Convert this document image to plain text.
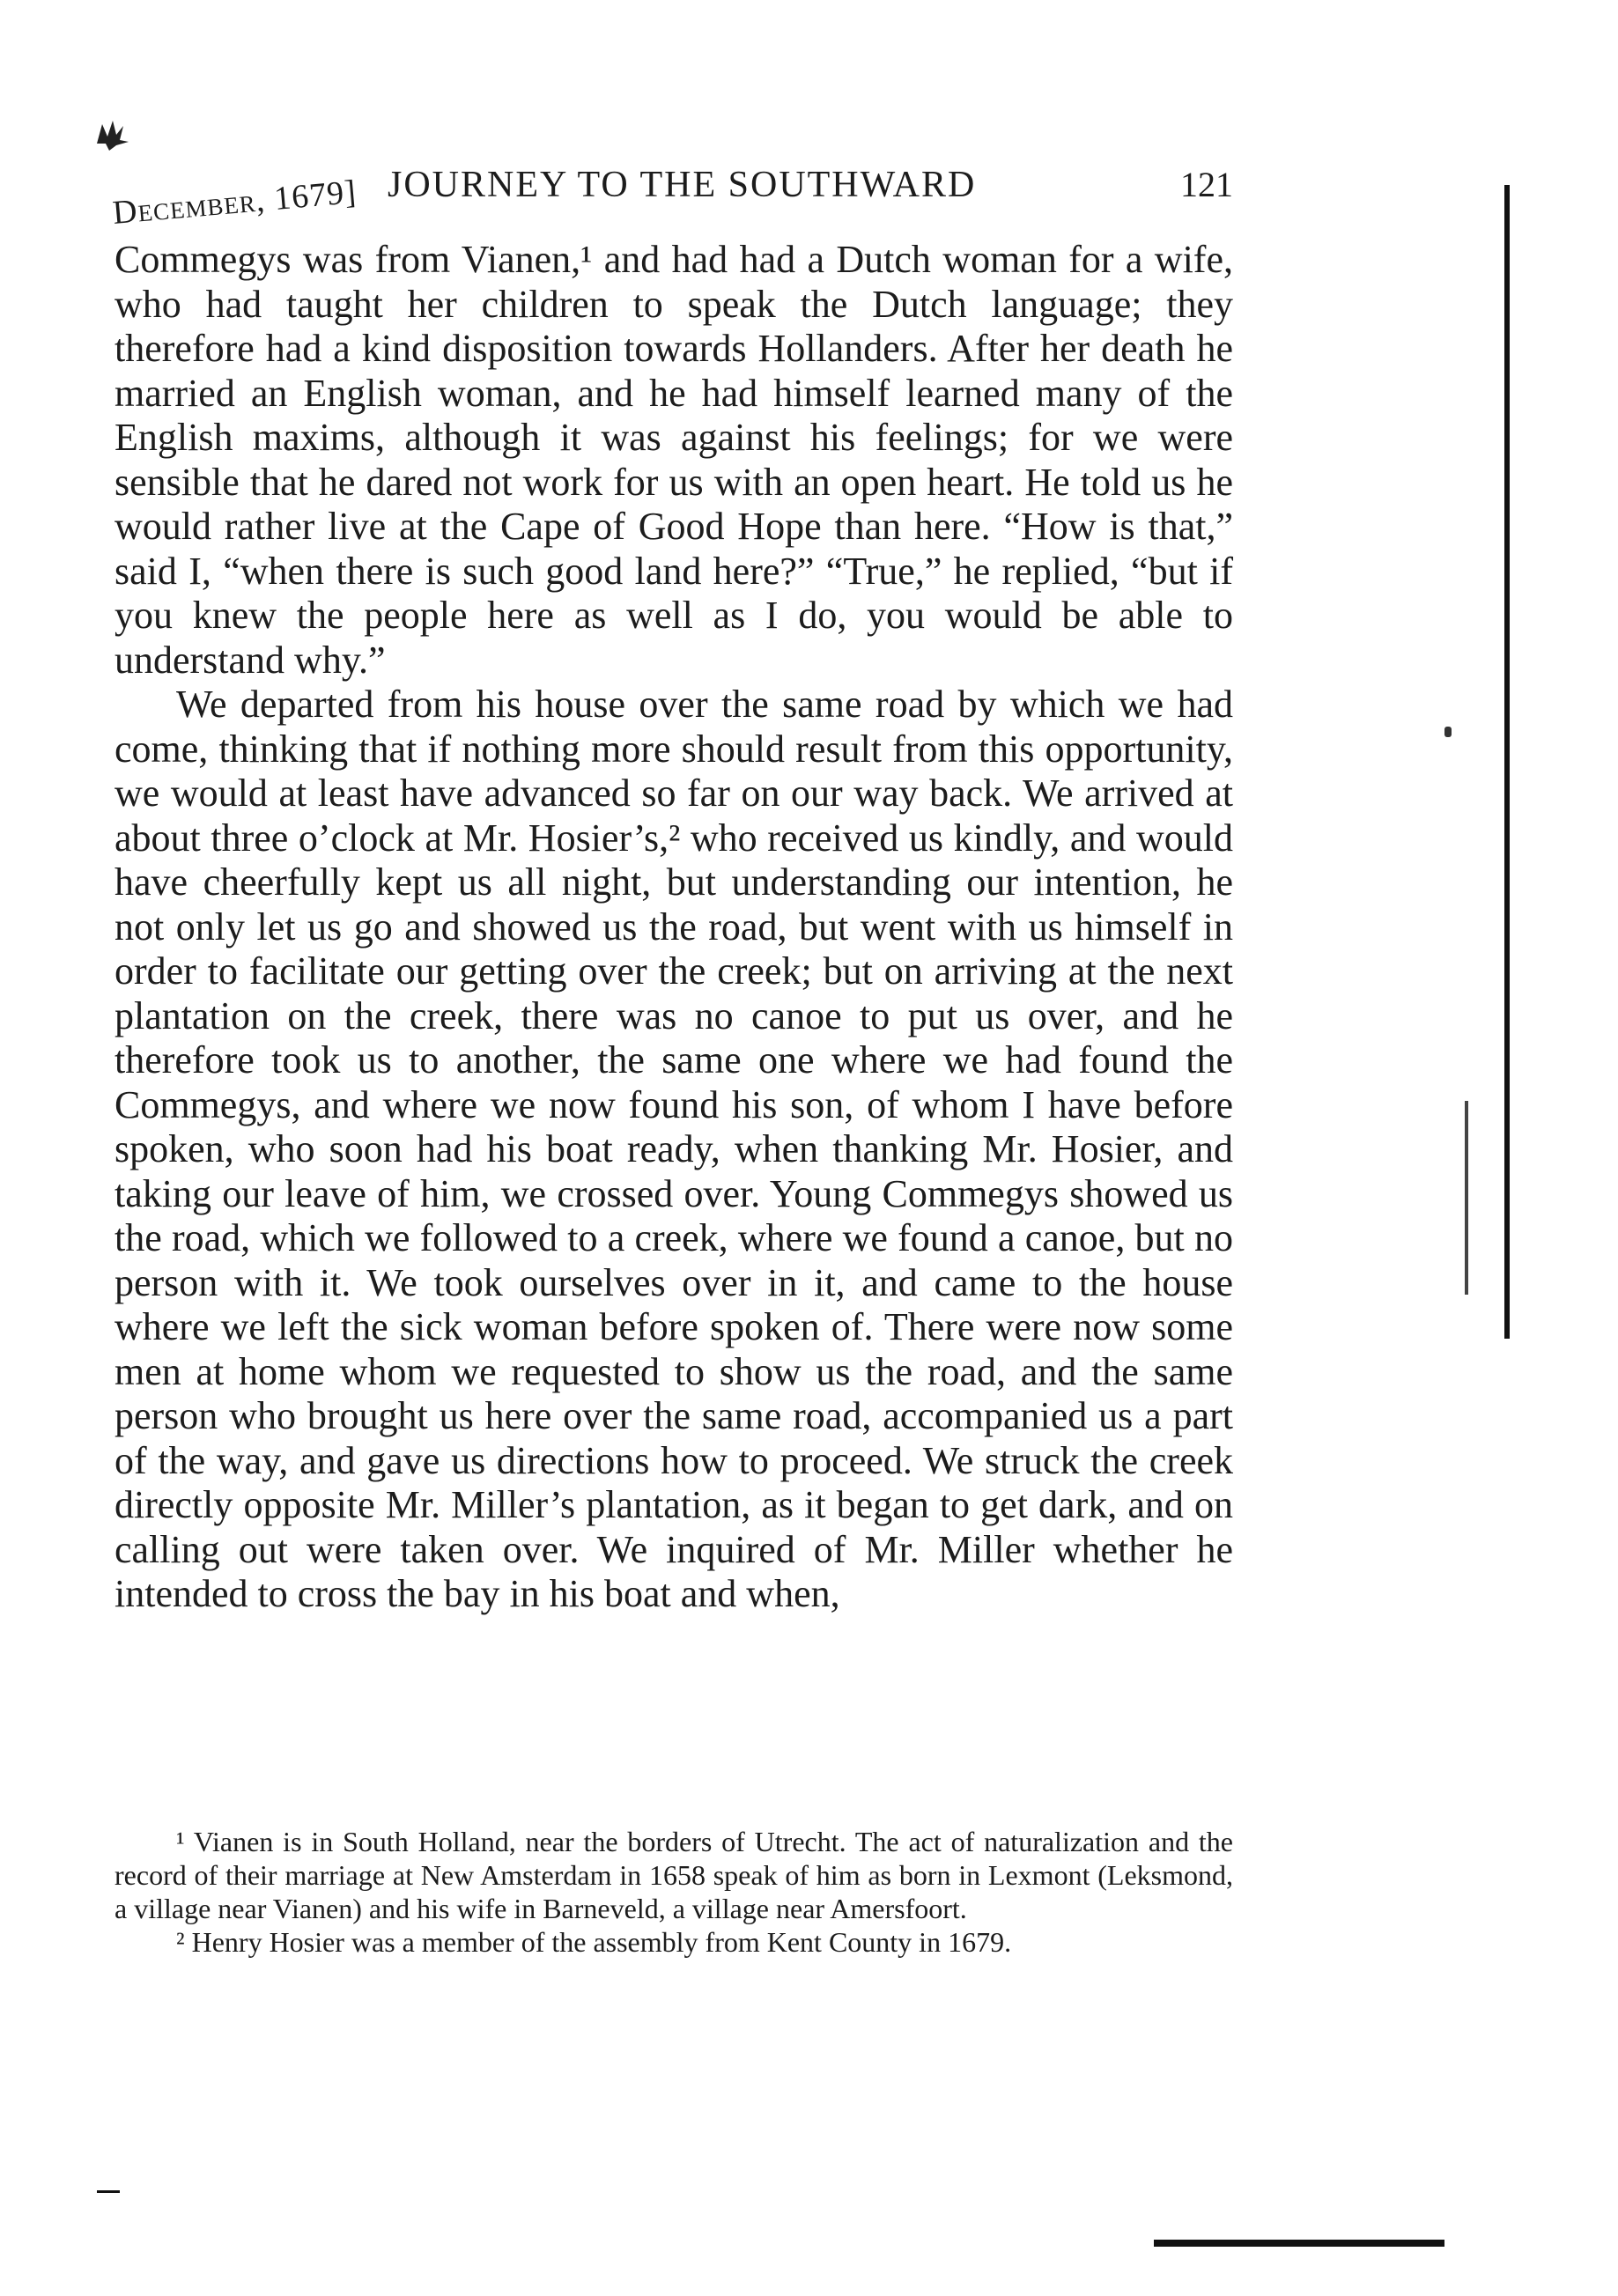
December, 1679] JOURNEY TO THE SOUTHWARD	121

Commegys was from Vianen,¹ and had had a Dutch woman for a wife, who had taught her children to speak the Dutch language; they therefore had a kind disposition towards Hollanders. After her death he married an English woman, and he had himself learned many of the English maxims, although it was against his feelings; for we were sensible that he dared not work for us with an open heart. He told us he would rather live at the Cape of Good Hope than here. “How is that,” said I, “when there is such good land here?” “True,” he replied, “but if you knew the people here as well as I do, you would be able to understand why.”

We departed from his house over the same road by which we had come, thinking that if nothing more should result from this opportunity, we would at least have advanced so far on our way back. We arrived at about three o’clock at Mr. Hosier’s,² who received us kindly, and would have cheerfully kept us all night, but understanding our intention, he not only let us go and showed us the road, but went with us himself in order to facilitate our getting over the creek; but on arriving at the next plantation on the creek, there was no canoe to put us over, and he therefore took us to another, the same one where we had found the Commegys, and where we now found his son, of whom I have before spoken, who soon had his boat ready, when thanking Mr. Hosier, and taking our leave of him, we crossed over. Young Commegys showed us the road, which we followed to a creek, where we found a canoe, but no person with it. We took ourselves over in it, and came to the house where we left the sick woman before spoken of. There were now some men at home whom we requested to show us the road, and the same person who brought us here over the same road, accompanied us a part of the way, and gave us directions how to proceed. We struck the creek directly opposite Mr. Miller’s plantation, as it began to get dark, and on calling out were taken over. We inquired of Mr. Miller whether he intended to cross the bay in his boat and when,

¹ Vianen is in South Holland, near the borders of Utrecht. The act of naturalization and the record of their marriage at New Amsterdam in 1658 speak of him as born in Lexmont (Leksmond, a village near Vianen) and his wife in Barneveld, a village near Amersfoort.

² Henry Hosier was a member of the assembly from Kent County in 1679.
